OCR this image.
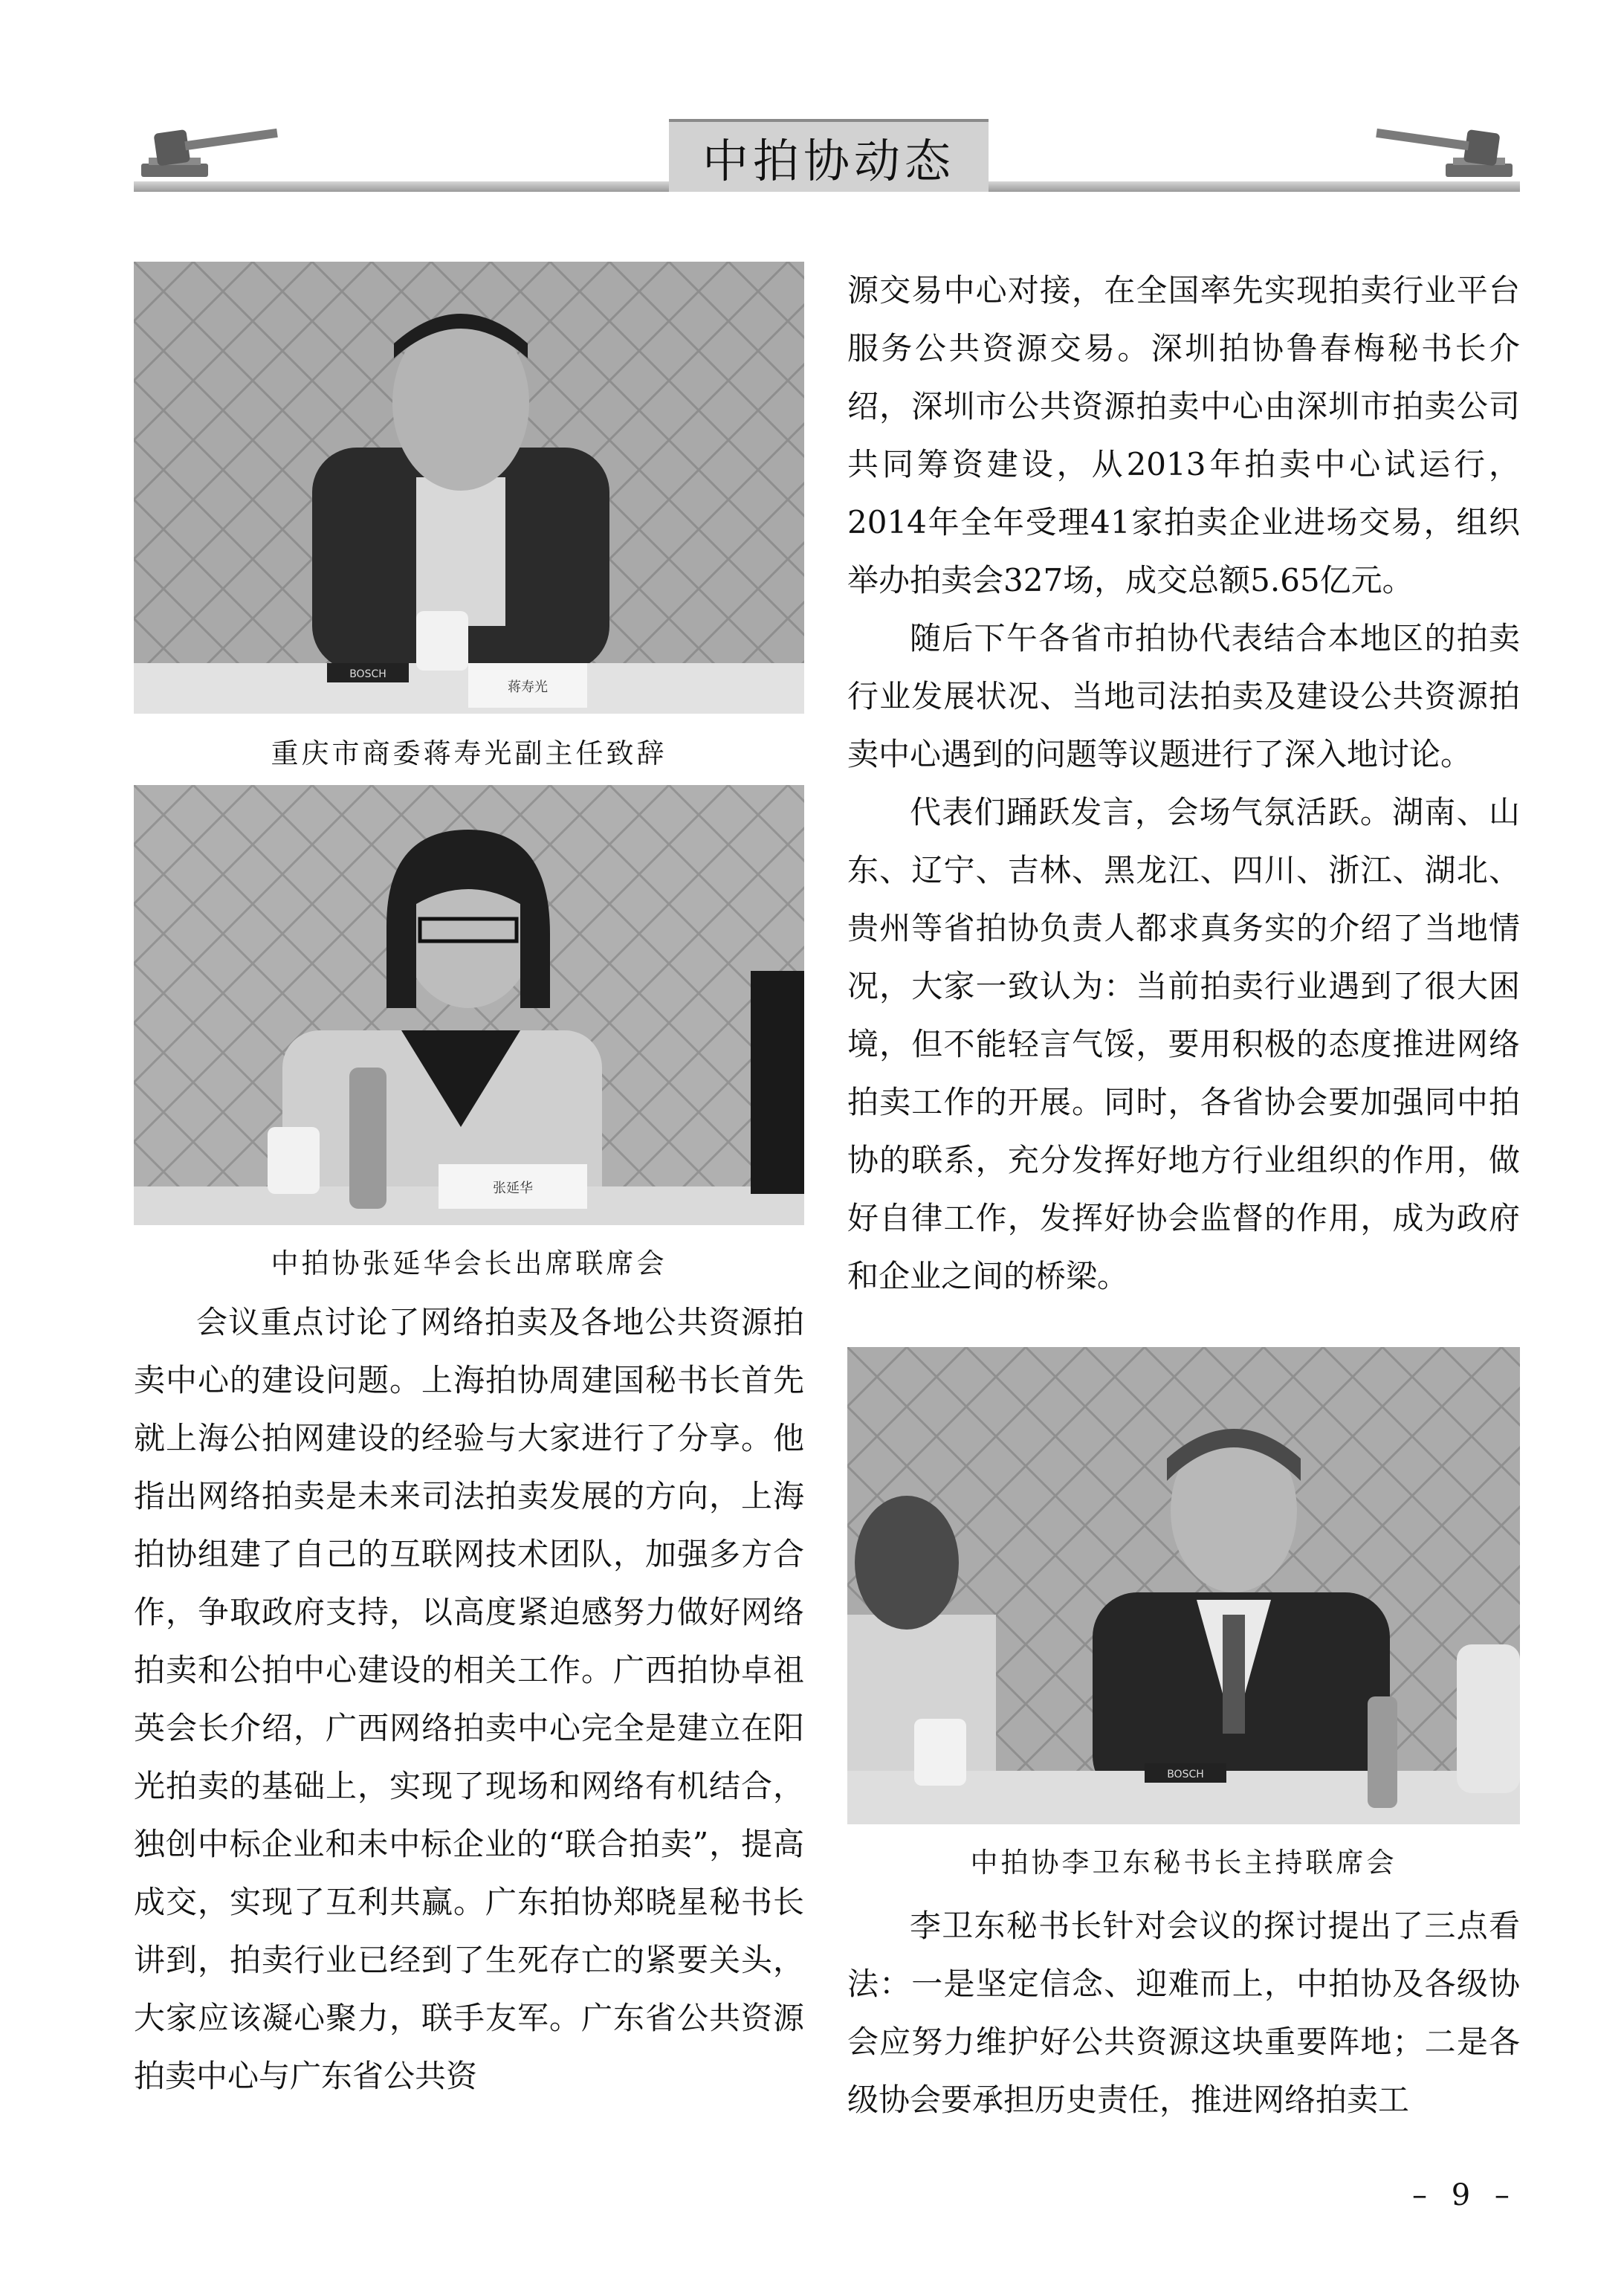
中拍协动态
蒋寿光
BOSCH

重庆市商委蒋寿光副主任致辞

张延华

中拍协张延华会长出席联席会

会议重点讨论了网络拍卖及各地公共资源拍卖中心的建设问题。上海拍协周建国秘书长首先就上海公拍网建设的经验与大家进行了分享。他指出网络拍卖是未来司法拍卖发展的方向，上海拍协组建了自己的互联网技术团队，加强多方合作，争取政府支持，以高度紧迫感努力做好网络拍卖和公拍中心建设的相关工作。广西拍协卓祖英会长介绍，广西网络拍卖中心完全是建立在阳光拍卖的基础上，实现了现场和网络有机结合，独创中标企业和未中标企业的“联合拍卖”，提高成交，实现了互利共赢。广东拍协郑晓星秘书长讲到，拍卖行业已经到了生死存亡的紧要关头，大家应该凝心聚力，联手友军。广东省公共资源拍卖中心与广东省公共资

源交易中心对接，在全国率先实现拍卖行业平台服务公共资源交易。深圳拍协鲁春梅秘书长介绍，深圳市公共资源拍卖中心由深圳市拍卖公司共同筹资建设，从2013年拍卖中心试运行，2014年全年受理41家拍卖企业进场交易，组织举办拍卖会327场，成交总额5.65亿元。

随后下午各省市拍协代表结合本地区的拍卖行业发展状况、当地司法拍卖及建设公共资源拍卖中心遇到的问题等议题进行了深入地讨论。

代表们踊跃发言，会场气氛活跃。湖南、山东、辽宁、吉林、黑龙江、四川、浙江、湖北、贵州等省拍协负责人都求真务实的介绍了当地情况，大家一致认为：当前拍卖行业遇到了很大困境，但不能轻言气馁，要用积极的态度推进网络拍卖工作的开展。同时，各省协会要加强同中拍协的联系，充分发挥好地方行业组织的作用，做好自律工作，发挥好协会监督的作用，成为政府和企业之间的桥梁。

BOSCH

中拍协李卫东秘书长主持联席会

李卫东秘书长针对会议的探讨提出了三点看法：一是坚定信念、迎难而上，中拍协及各级协会应努力维护好公共资源这块重要阵地；二是各级协会要承担历史责任，推进网络拍卖工

– 9 –
